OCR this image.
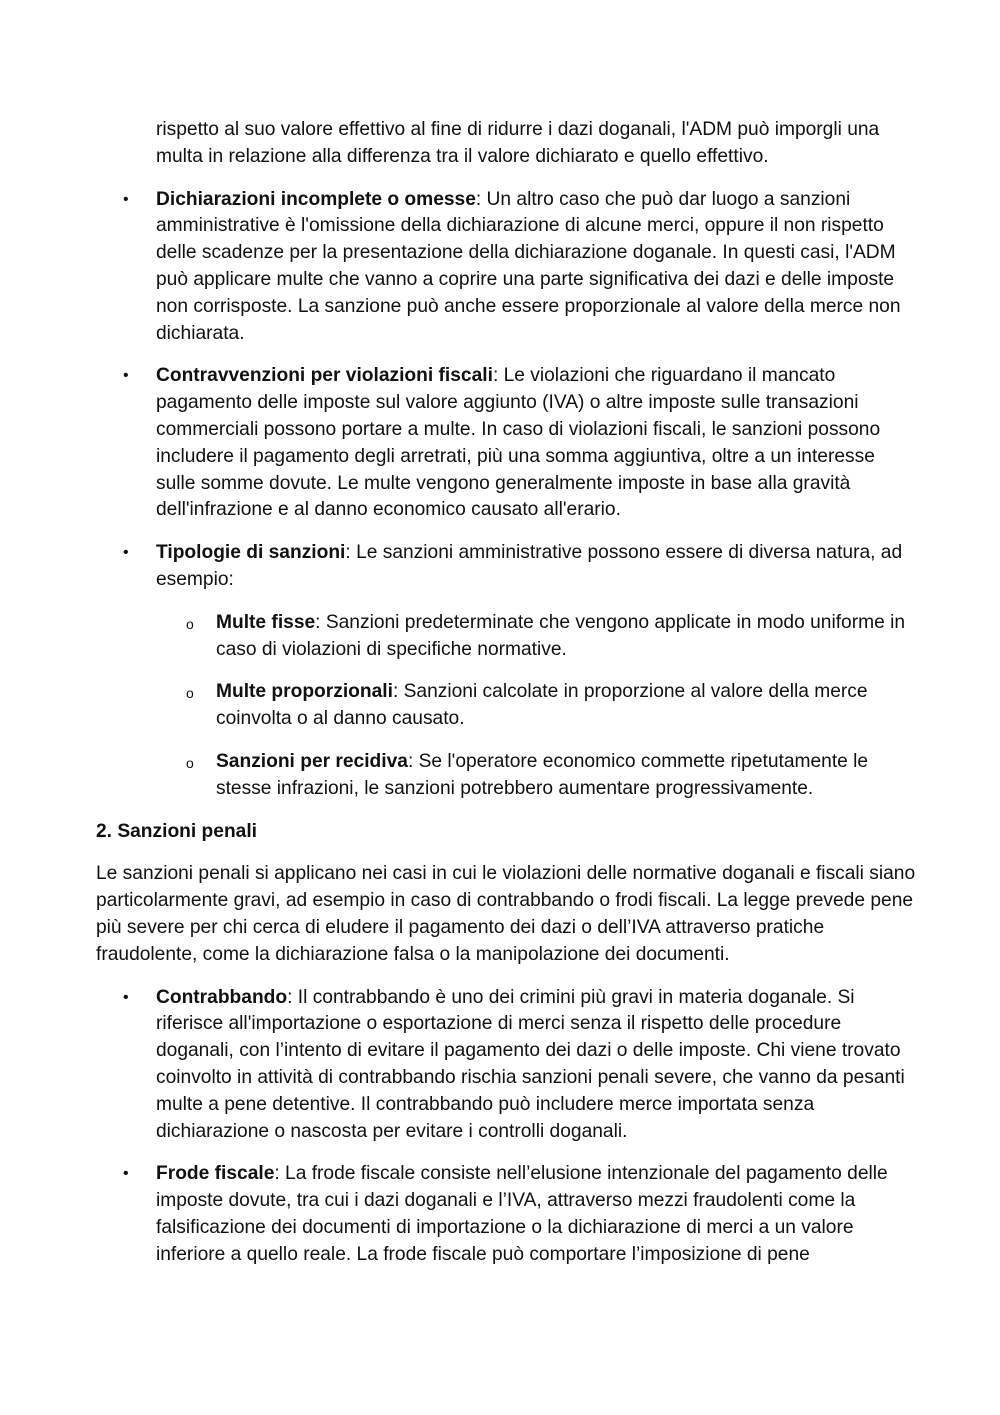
rispetto al suo valore effettivo al fine di ridurre i dazi doganali, l'ADM può imporgli una multa in relazione alla differenza tra il valore dichiarato e quello effettivo.

• Dichiarazioni incomplete o omesse: Un altro caso che può dar luogo a sanzioni amministrative è l'omissione della dichiarazione di alcune merci, oppure il non rispetto delle scadenze per la presentazione della dichiarazione doganale. In questi casi, l'ADM può applicare multe che vanno a coprire una parte significativa dei dazi e delle imposte non corrisposte. La sanzione può anche essere proporzionale al valore della merce non dichiarata.
• Contravvenzioni per violazioni fiscali: Le violazioni che riguardano il mancato pagamento delle imposte sul valore aggiunto (IVA) o altre imposte sulle transazioni commerciali possono portare a multe. In caso di violazioni fiscali, le sanzioni possono includere il pagamento degli arretrati, più una somma aggiuntiva, oltre a un interesse sulle somme dovute. Le multe vengono generalmente imposte in base alla gravità dell'infrazione e al danno economico causato all'erario.
• Tipologie di sanzioni: Le sanzioni amministrative possono essere di diversa natura, ad esempio:
o Multe fisse: Sanzioni predeterminate che vengono applicate in modo uniforme in caso di violazioni di specifiche normative.
o Multe proporzionali: Sanzioni calcolate in proporzione al valore della merce coinvolta o al danno causato.
o Sanzioni per recidiva: Se l'operatore economico commette ripetutamente le stesse infrazioni, le sanzioni potrebbero aumentare progressivamente.
2. Sanzioni penali

Le sanzioni penali si applicano nei casi in cui le violazioni delle normative doganali e fiscali siano particolarmente gravi, ad esempio in caso di contrabbando o frodi fiscali. La legge prevede pene più severe per chi cerca di eludere il pagamento dei dazi o dell’IVA attraverso pratiche fraudolente, come la dichiarazione falsa o la manipolazione dei documenti.

• Contrabbando: Il contrabbando è uno dei crimini più gravi in materia doganale. Si riferisce all'importazione o esportazione di merci senza il rispetto delle procedure doganali, con l’intento di evitare il pagamento dei dazi o delle imposte. Chi viene trovato coinvolto in attività di contrabbando rischia sanzioni penali severe, che vanno da pesanti multe a pene detentive. Il contrabbando può includere merce importata senza dichiarazione o nascosta per evitare i controlli doganali.
• Frode fiscale: La frode fiscale consiste nell’elusione intenzionale del pagamento delle imposte dovute, tra cui i dazi doganali e l’IVA, attraverso mezzi fraudolenti come la falsificazione dei documenti di importazione o la dichiarazione di merci a un valore inferiore a quello reale. La frode fiscale può comportare l’imposizione di pene
